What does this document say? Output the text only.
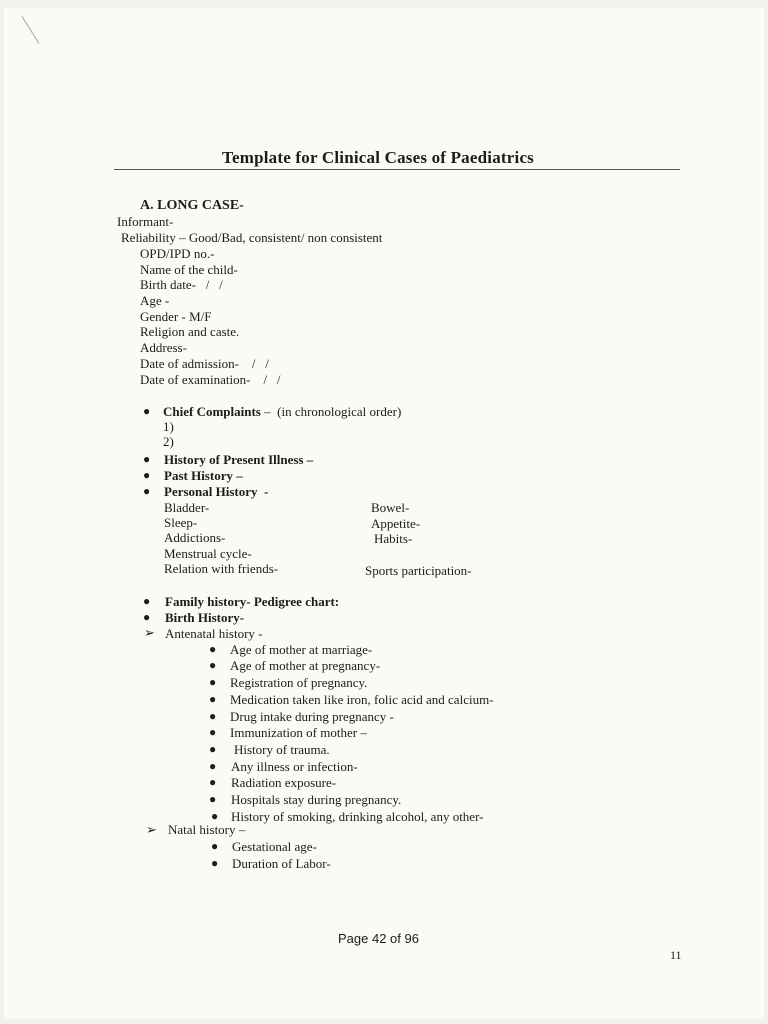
Template for Clinical Cases of Paediatrics
A. LONG CASE-
Informant-
Reliability – Good/Bad, consistent/ non consistent
OPD/IPD no.-
Name of the child-
Birth date-   /   /
Age -
Gender - M/F
Religion and caste.
Address-
Date of admission-    /   /
Date of examination-    /   /
● Chief Complaints –  (in chronological order)
1)
2)
● History of Present Illness –
● Past History –
● Personal History  -
Bladder-
Sleep-
Addictions-
Menstrual cycle-
Relation with friends-
Bowel-
Appetite-
Habits-
Sports participation-
● Family history- Pedigree chart:
● Birth History-
➢ Antenatal history -
● Age of mother at marriage-
● Age of mother at pregnancy-
● Registration of pregnancy.
● Medication taken like iron, folic acid and calcium-
● Drug intake during pregnancy -
● Immunization of mother –
● History of trauma.
● Any illness or infection-
● Radiation exposure-
● Hospitals stay during pregnancy.
● History of smoking, drinking alcohol, any other-
➢ Natal history –
● Gestational age-
● Duration of Labor-
Page 42 of 96
11
